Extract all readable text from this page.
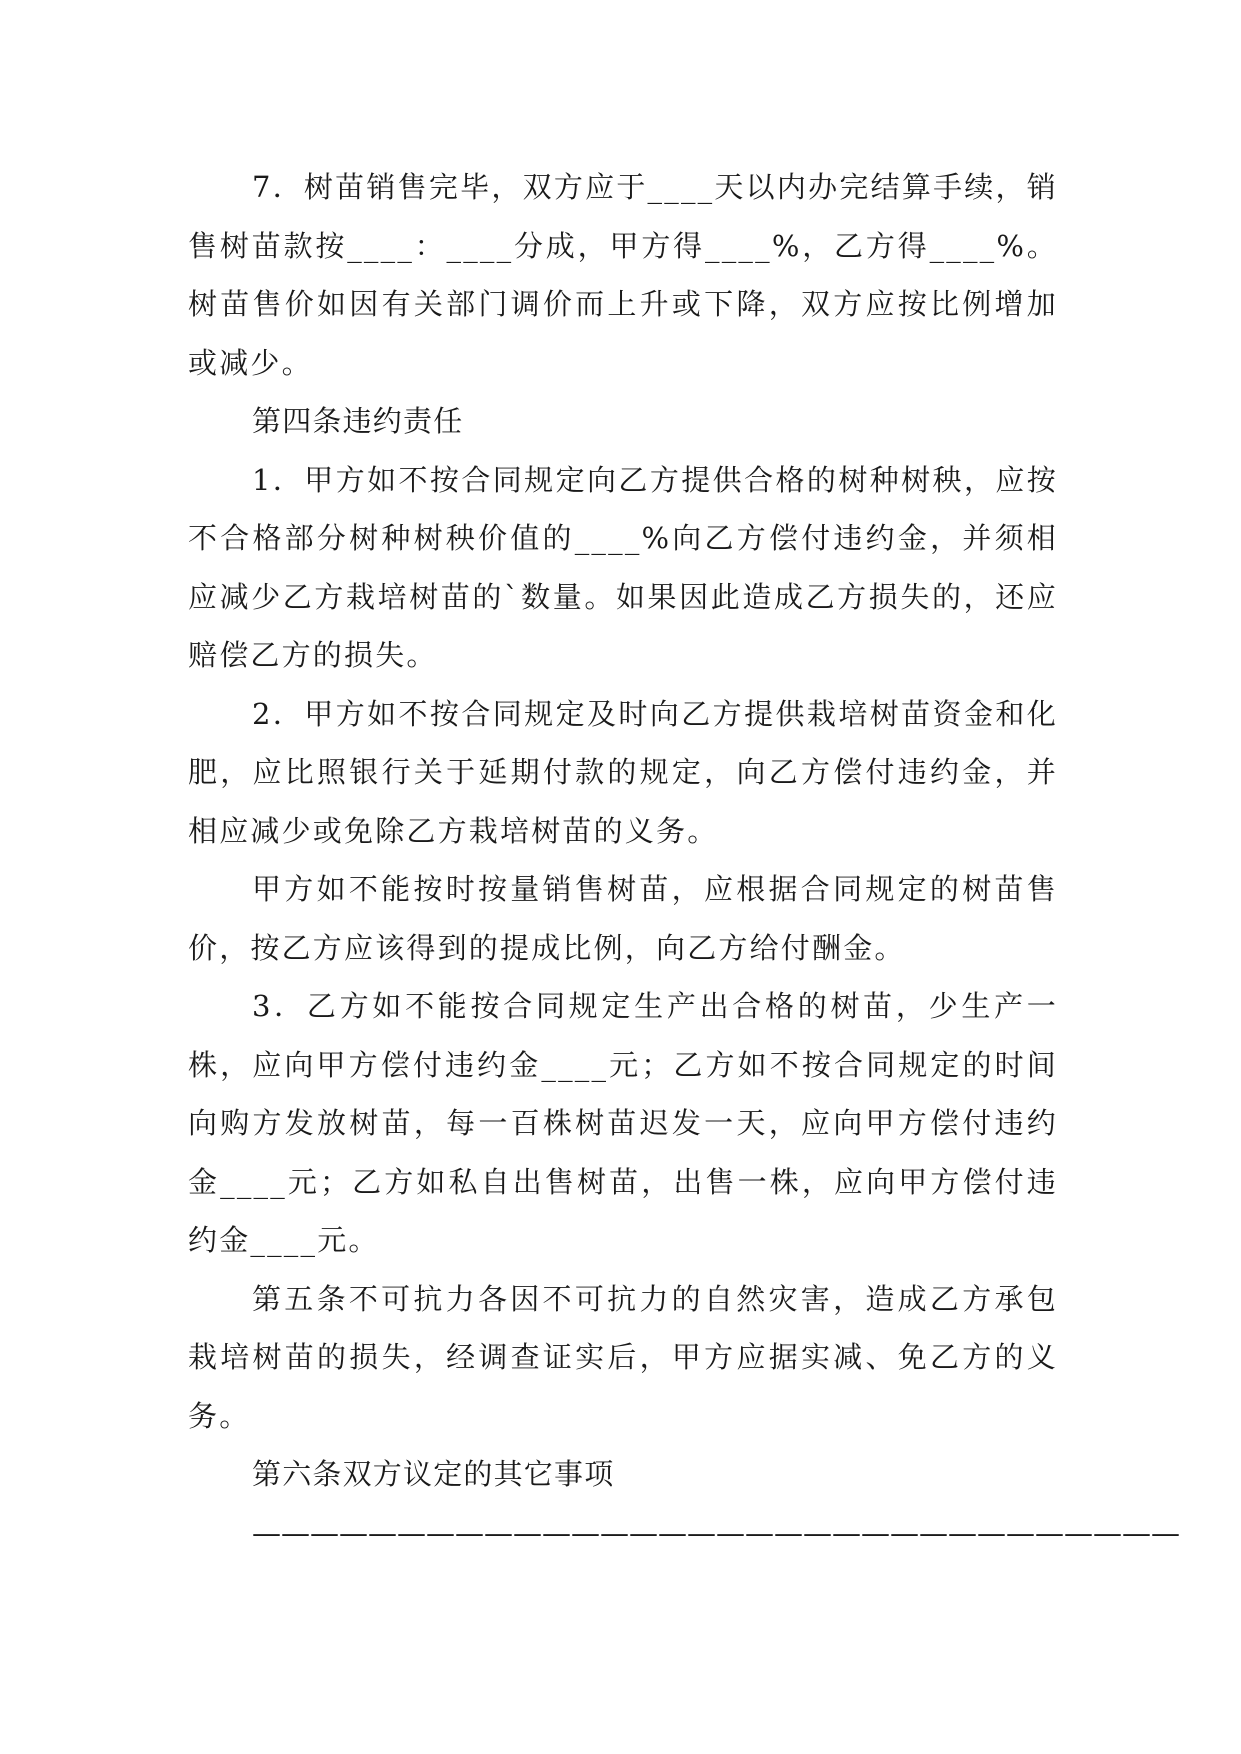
7．树苗销售完毕，双方应于____天以内办完结算手续，销售树苗款按____：____分成，甲方得____%，乙方得____%。树苗售价如因有关部门调价而上升或下降，双方应按比例增加或减少。

第四条违约责任

1．甲方如不按合同规定向乙方提供合格的树种树秧，应按不合格部分树种树秧价值的____%向乙方偿付违约金，并须相应减少乙方栽培树苗的`数量。如果因此造成乙方损失的，还应赔偿乙方的损失。

2．甲方如不按合同规定及时向乙方提供栽培树苗资金和化肥，应比照银行关于延期付款的规定，向乙方偿付违约金，并相应减少或免除乙方栽培树苗的义务。

甲方如不能按时按量销售树苗，应根据合同规定的树苗售价，按乙方应该得到的提成比例，向乙方给付酬金。

3．乙方如不能按合同规定生产出合格的树苗，少生产一株，应向甲方偿付违约金____元；乙方如不按合同规定的时间向购方发放树苗，每一百株树苗迟发一天，应向甲方偿付违约金____元；乙方如私自出售树苗，出售一株，应向甲方偿付违约金____元。

第五条不可抗力各因不可抗力的自然灾害，造成乙方承包栽培树苗的损失，经调查证实后，甲方应据实减、免乙方的义务。

第六条双方议定的其它事项

————————————————————————————————
